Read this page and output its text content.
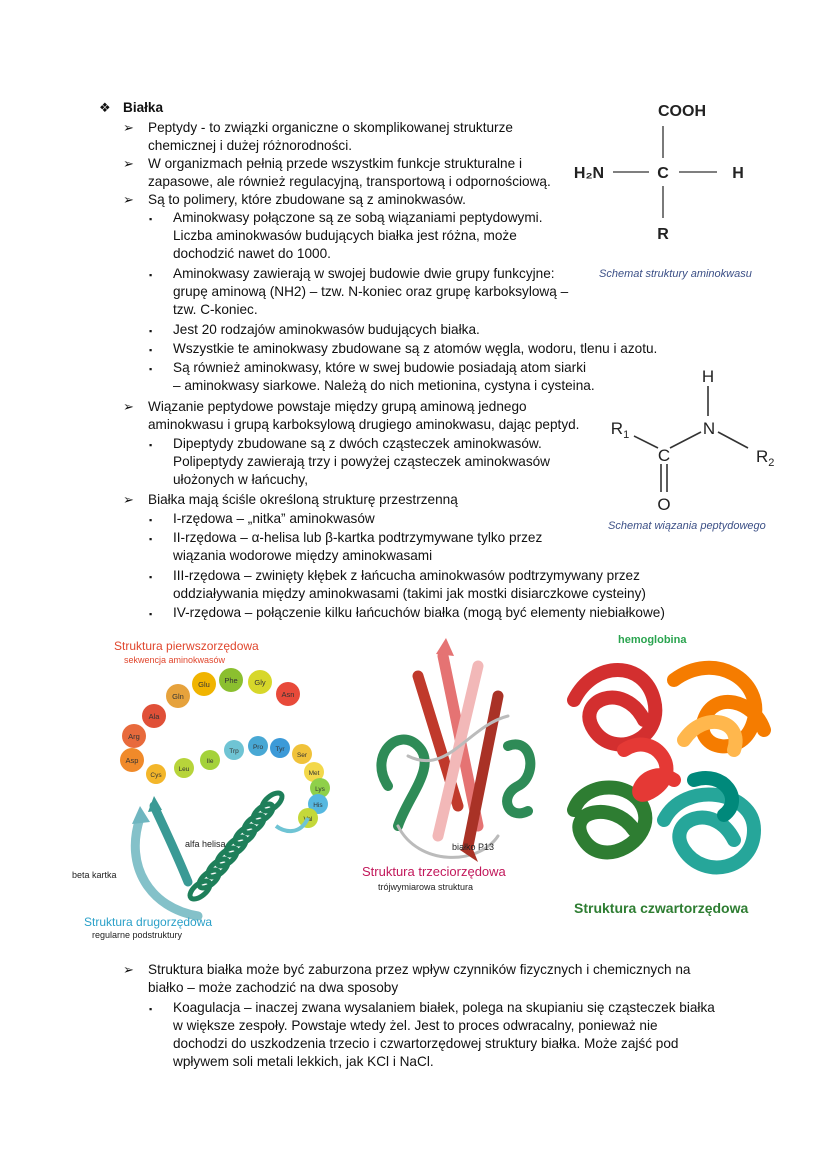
❖ Białka
➢ Peptydy - to związki organiczne o skomplikowanej strukturze
chemicznej i dużej różnorodności.
➢ W organizmach pełnią przede wszystkim funkcje strukturalne i
zapasowe, ale również regulacyjną, transportową i odpornościową.
➢ Są to polimery, które zbudowane są z aminokwasów.
▪ Aminokwasy połączone są ze sobą wiązaniami peptydowymi.
Liczba aminokwasów budujących białka jest różna, może
dochodzić nawet do 1000.
▪ Aminokwasy zawierają w swojej budowie dwie grupy funkcyjne:
grupę aminową (NH2) – tzw. N-koniec oraz grupę karboksylową –
tzw. C-koniec.
▪ Jest 20 rodzajów aminokwasów budujących białka.
▪ Wszystkie te aminokwasy zbudowane są z atomów węgla, wodoru, tlenu i azotu.
▪ Są również aminokwasy, które w swej budowie posiadają atom siarki
– aminokwasy siarkowe. Należą do nich metionina, cystyna i cysteina.
➢ Wiązanie peptydowe powstaje między grupą aminową jednego
aminokwasu i grupą karboksylową drugiego aminokwasu, dając peptyd.
▪ Dipeptydy zbudowane są z dwóch cząsteczek aminokwasów.
Polipeptydy zawierają trzy i powyżej cząsteczek aminokwasów
ułożonych w łańcuchy,
➢ Białka mają ściśle określoną strukturę przestrzenną
▪ I-rzędowa – „nitka” aminokwasów
▪ II-rzędowa – α-helisa lub β-kartka podtrzymywane tylko przez
wiązania wodorowe między aminokwasami
▪ III-rzędowa – zwinięty kłębek z łańcucha aminokwasów podtrzymywany przez
oddziaływania między aminokwasami (takimi jak mostki disiarczkowe cysteiny)
▪ IV-rzędowa – połączenie kilku łańcuchów białka (mogą być elementy niebiałkowe)
COOH
H₂N	C	H
R
Schemat struktury aminokwasu
H
N
C
O
$R_1$
$R_2$
Schemat wiązania peptydowego
Struktura pierwszorzędowa
sekwencja aminokwasów
Gln
Glu Phe Gly
Asn
Ala
Arg
Asp
Cys
Leu
Ile
Trp
Pro Tyr
Ser
Met
Lys
His
Val
alfa helisa
beta kartka
Struktura drugorzędowa
regularne podstruktury
białko P13
Struktura trzeciorzędowa
trójwymiarowa struktura
hemoglobina
Struktura czwartorzędowa
➢ Struktura białka może być zaburzona przez wpływ czynników fizycznych i chemicznych na
białko – może zachodzić na dwa sposoby
▪ Koagulacja – inaczej zwana wysalaniem białek, polega na skupianiu się cząsteczek białka
w większe zespoły. Powstaje wtedy żel. Jest to proces odwracalny, ponieważ nie
dochodzi do uszkodzenia trzecio i czwartorzędowej struktury białka. Może zajść pod
wpływem soli metali lekkich, jak KCl i NaCl.
